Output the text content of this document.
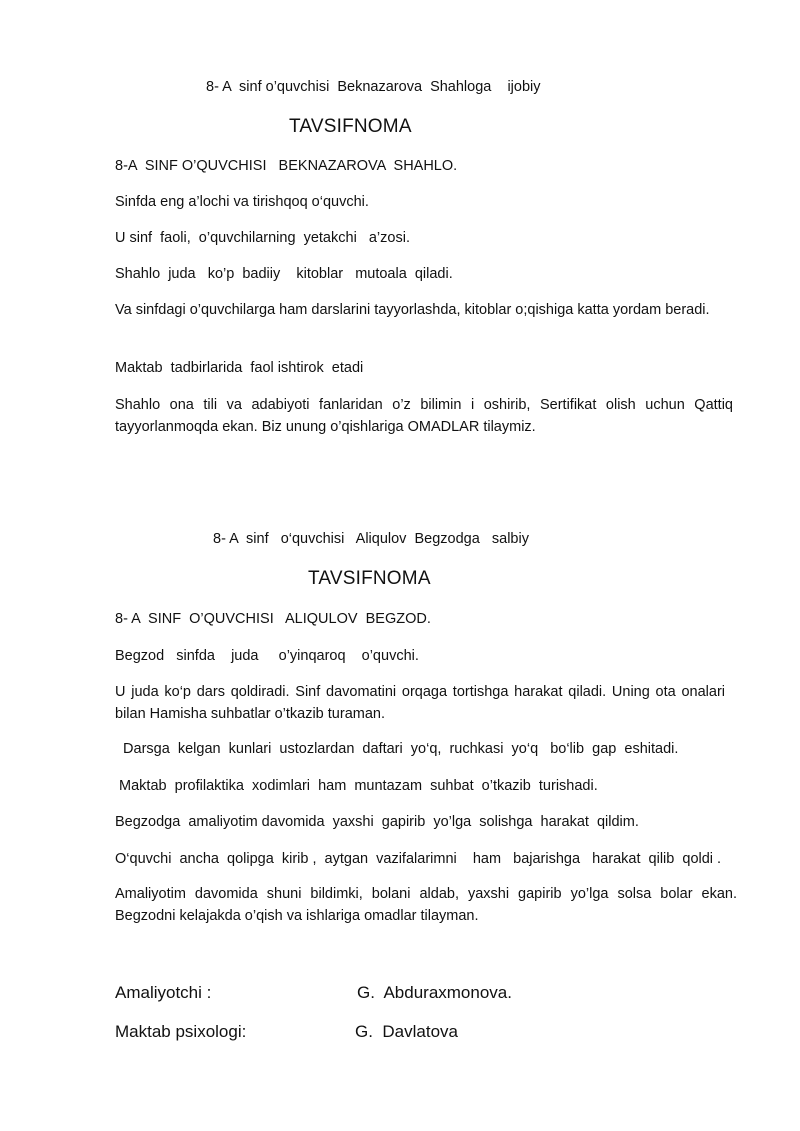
8- A  sinf o’quvchisi  Beknazarova  Shahloga    ijobiy
TAVSIFNOMA
8-A  SINF O’QUVCHISI   BEKNAZAROVA  SHAHLO.
Sinfda eng a’lochi va tirishqoq o‘quvchi.
U sinf  faoli,  o’quvchilarning  yetakchi   a’zosi.
Shahlo  juda   ko’p  badiiy    kitoblar   mutoala  qiladi.
Va sinfdagi o’quvchilarga ham darslarini tayyorlashda, kitoblar o;qishiga katta yordam beradi.
Maktab  tadbirlarida  faol ishtirok  etadi
Shahlo ona tili va adabiyoti fanlaridan o’z bilimin i oshirib, Sertifikat olish uchun Qattiq tayyorlanmoqda ekan. Biz unung o’qishlariga OMADLAR tilaymiz.
8- A  sinf   o‘quvchisi   Aliqulov  Begzodga   salbiy
TAVSIFNOMA
8- A  SINF  O’QUVCHISI   ALIQULOV  BEGZOD.
Begzod   sinfda    juda     o’yinqaroq    o’quvchi.
U juda ko‘p dars qoldiradi. Sinf davomatini orqaga tortishga harakat qiladi. Uning ota onalari bilan Hamisha suhbatlar o’tkazib turaman.
Darsga  kelgan  kunlari  ustozlardan  daftari  yo‘q,  ruchkasi  yo‘q   bo‘lib  gap  eshitadi.
Maktab  profilaktika  xodimlari  ham  muntazam  suhbat  o’tkazib  turishadi.
Begzodga  amaliyotim davomida  yaxshi  gapirib  yo’lga  solishga  harakat  qildim.
O‘quvchi  ancha  qolipga  kirib ,  aytgan  vazifalarimni    ham   bajarishga   harakat  qilib  qoldi .
Amaliyotim davomida shuni bildimki, bolani aldab, yaxshi gapirib yo’lga solsa bolar ekan. Begzodni kelajakda o’qish va ishlariga omadlar tilayman.
Amaliyotchi :	G.  Abduraxmonova.
Maktab psixologi:	G.  Davlatova
